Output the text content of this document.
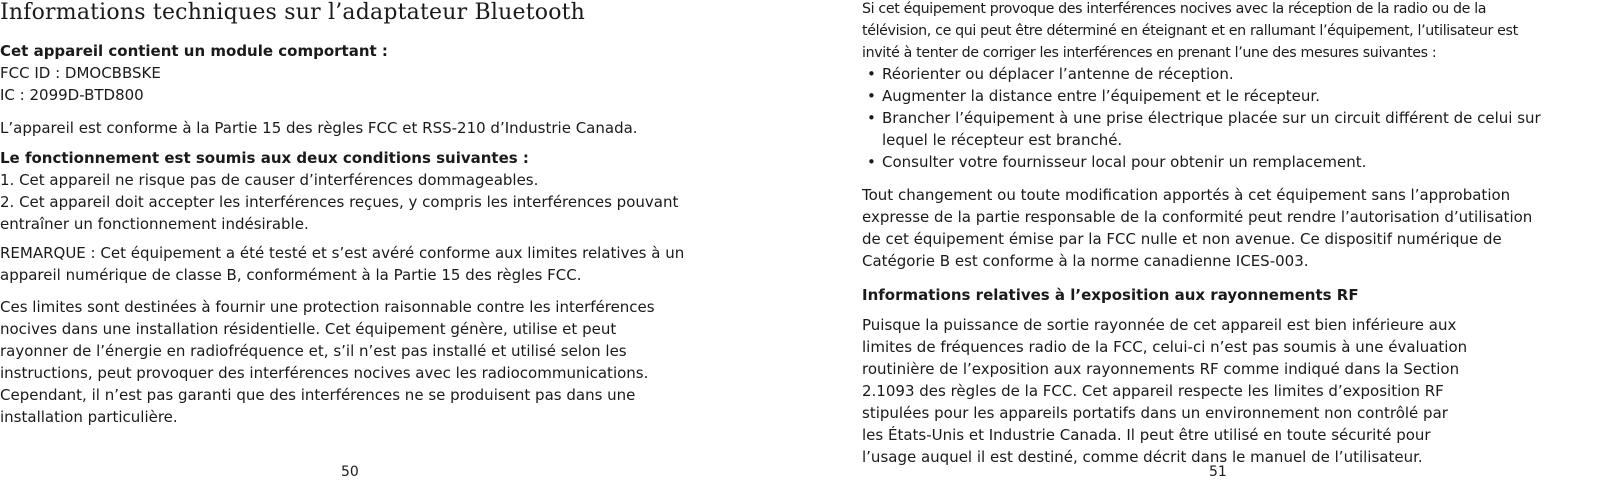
Informations techniques sur l’adaptateur Bluetooth
Cet appareil contient un module comportant :
FCC ID : DMOCBBSKE
IC : 2099D-BTD800
L’appareil est conforme à la Partie 15 des règles FCC et RSS-210 d’Industrie Canada.
Le fonctionnement est soumis aux deux conditions suivantes :
1. Cet appareil ne risque pas de causer d’interférences dommageables.
2. Cet appareil doit accepter les interférences reçues, y compris les interférences pouvant
entraîner un fonctionnement indésirable.
REMARQUE : Cet équipement a été testé et s’est avéré conforme aux limites relatives à un
appareil numérique de classe B, conformément à la Partie 15 des règles FCC.
Ces limites sont destinées à fournir une protection raisonnable contre les interférences
nocives dans une installation résidentielle. Cet équipement génère, utilise et peut
rayonner de l’énergie en radiofréquence et, s’il n’est pas installé et utilisé selon les
instructions, peut provoquer des interférences nocives avec les radiocommunications.
Cependant, il n’est pas garanti que des interférences ne se produisent pas dans une
installation particulière.
50
Si cet équipement provoque des interférences nocives avec la réception de la radio ou de la
télévision, ce qui peut être déterminé en éteignant et en rallumant l’équipement, l’utilisateur est
invité à tenter de corriger les interférences en prenant l’une des mesures suivantes :
• Réorienter ou déplacer l’antenne de réception.
• Augmenter la distance entre l’équipement et le récepteur.
• Brancher l’équipement à une prise électrique placée sur un circuit différent de celui sur
lequel le récepteur est branché.
• Consulter votre fournisseur local pour obtenir un remplacement.
Tout changement ou toute modification apportés à cet équipement sans l’approbation
expresse de la partie responsable de la conformité peut rendre l’autorisation d’utilisation
de cet équipement émise par la FCC nulle et non avenue. Ce dispositif numérique de
Catégorie B est conforme à la norme canadienne ICES-003.
Informations relatives à l’exposition aux rayonnements RF
Puisque la puissance de sortie rayonnée de cet appareil est bien inférieure aux
limites de fréquences radio de la FCC, celui-ci n’est pas soumis à une évaluation
routinière de l’exposition aux rayonnements RF comme indiqué dans la Section
2.1093 des règles de la FCC. Cet appareil respecte les limites d’exposition RF
stipulées pour les appareils portatifs dans un environnement non contrôlé par
les États-Unis et Industrie Canada. Il peut être utilisé en toute sécurité pour
l’usage auquel il est destiné, comme décrit dans le manuel de l’utilisateur.
51
